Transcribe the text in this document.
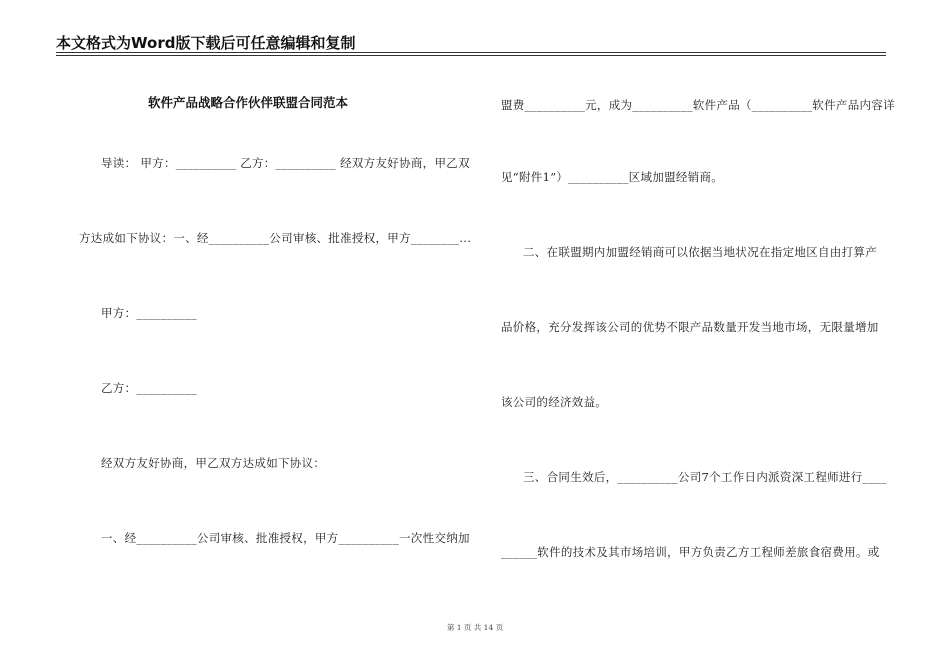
本文格式为Word版下载后可任意编辑和复制
软件产品战略合作伙伴联盟合同范本
导读： 甲方：__________ 乙方：__________ 经双方友好协商，甲乙双
方达成如下协议：一、经__________公司审核、批准授权，甲方________...
甲方：__________
乙方：__________
经双方友好协商，甲乙双方达成如下协议：
一、经__________公司审核、批准授权，甲方__________一次性交纳加
盟费__________元，成为__________软件产品（__________软件产品内容详
见“附件1”）__________区域加盟经销商。
二、在联盟期内加盟经销商可以依据当地状况在指定地区自由打算产
品价格，充分发挥该公司的优势不限产品数量开发当地市场，无限量增加
该公司的经济效益。
三、合同生效后，__________公司7个工作日内派资深工程师进行____
______软件的技术及其市场培训，甲方负责乙方工程师差旅食宿费用。或
第 1 页 共 14 页
